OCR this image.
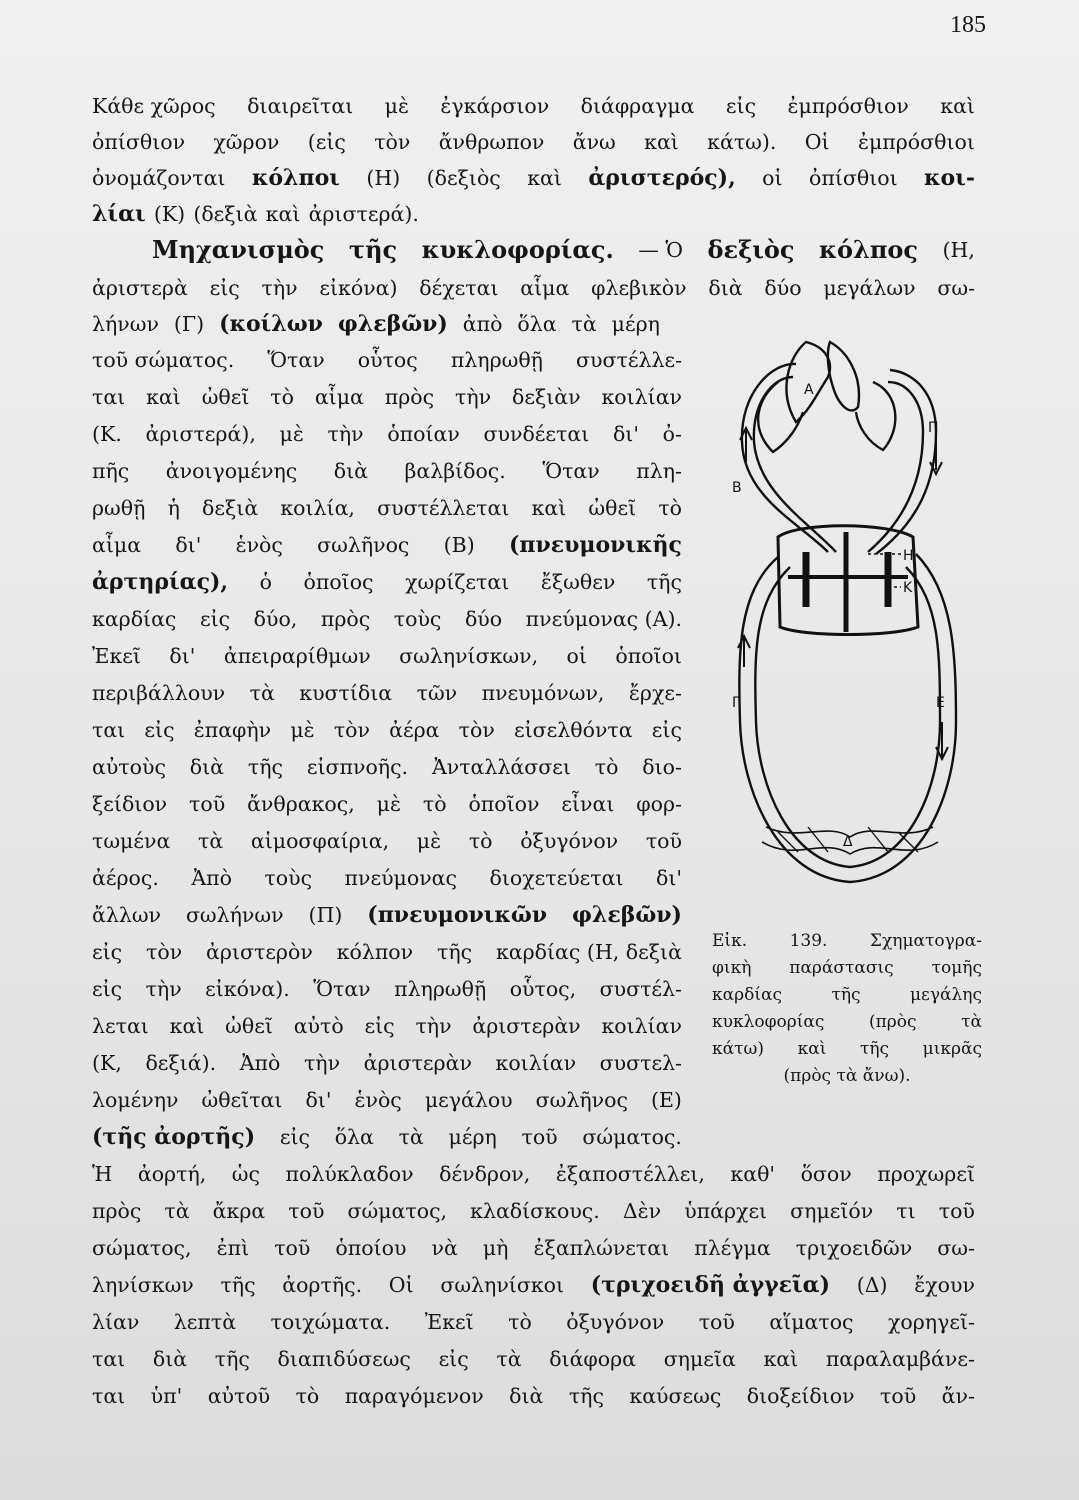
185
Κάθε χῶρος διαιρεῖται μὲ ἐγκάρσιον διάφραγμα εἰς ἐμπρόσθιον καὶ
ὀπίσθιον χῶρον (εἰς τὸν ἄνθρωπον ἄνω καὶ κάτω). Οἱ ἐμπρόσθιοι
ὀνομάζονται κόλποι (Η) (δεξιὸς καὶ ἀριστερός), οἱ ὀπίσθιοι κοι-
λίαι (Κ) (δεξιὰ καὶ ἀριστερά).
Μηχανισμὸς τῆς κυκλοφορίας. — Ὁ δεξιὸς κόλπος (Η,
ἀριστερὰ εἰς τὴν εἰκόνα) δέχεται αἷμα φλεβικὸν διὰ δύο μεγάλων σω-
λήνων (Γ) (κοίλων φλεβῶν) ἀπὸ ὅλα τὰ μέρη
τοῦ σώματος. Ὅταν οὗτος πληρωθῇ συστέλλε-
ται καὶ ὠθεῖ τὸ αἷμα πρὸς τὴν δεξιὰν κοιλίαν
(Κ. ἀριστερά), μὲ τὴν ὁποίαν συνδέεται δι' ὀ-
πῆς ἀνοιγομένης διὰ βαλβίδος. Ὅταν πλη-
ρωθῇ ἡ δεξιὰ κοιλία, συστέλλεται καὶ ὠθεῖ τὸ
αἷμα δι' ἑνὸς σωλῆνος (Β) (πνευμονικῆς
ἀρτηρίας), ὁ ὁποῖος χωρίζεται ἔξωθεν τῆς
καρδίας εἰς δύο, πρὸς τοὺς δύο πνεύμονας (Α).
Ἐκεῖ δι' ἀπειραρίθμων σωληνίσκων, οἱ ὁποῖοι
περιβάλλουν τὰ κυστίδια τῶν πνευμόνων, ἔρχε-
ται εἰς ἐπαφὴν μὲ τὸν ἀέρα τὸν εἰσελθόντα εἰς
αὐτοὺς διὰ τῆς εἰσπνοῆς. Ἀνταλλάσσει τὸ διο-
ξείδιον τοῦ ἄνθρακος, μὲ τὸ ὁποῖον εἶναι φορ-
τωμένα τὰ αἱμοσφαίρια, μὲ τὸ ὀξυγόνον τοῦ
ἀέρος. Ἀπὸ τοὺς πνεύμονας διοχετεύεται δι'
ἄλλων σωλήνων (Π) (πνευμονικῶν φλεβῶν)
εἰς τὸν ἀριστερὸν κόλπον τῆς καρδίας (Η, δεξιὰ
εἰς τὴν εἰκόνα). Ὅταν πληρωθῇ οὗτος, συστέλ-
λεται καὶ ὠθεῖ αὐτὸ εἰς τὴν ἀριστερὰν κοιλίαν
(Κ, δεξιά). Ἀπὸ τὴν ἀριστερὰν κοιλίαν συστελ-
λομένην ὠθεῖται δι' ἑνὸς μεγάλου σωλῆνος (Ε)
(τῆς ἀορτῆς) εἰς ὅλα τὰ μέρη τοῦ σώματος.
Ἡ ἀορτή, ὡς πολύκλαδον δένδρον, ἐξαποστέλλει, καθ' ὅσον προχωρεῖ
πρὸς τὰ ἄκρα τοῦ σώματος, κλαδίσκους. Δὲν ὑπάρχει σημεῖόν τι τοῦ
σώματος, ἐπὶ τοῦ ὁποίου νὰ μὴ ἐξαπλώνεται πλέγμα τριχοειδῶν σω-
ληνίσκων τῆς ἀορτῆς. Οἱ σωληνίσκοι (τριχοειδῆ ἀγγεῖα) (Δ) ἔχουν
λίαν λεπτὰ τοιχώματα. Ἐκεῖ τὸ ὀξυγόνον τοῦ αἵματος χορηγεῖ-
ται διὰ τῆς διαπιδύσεως εἰς τὰ διάφορα σημεῖα καὶ παραλαμβάνε-
ται ὑπ' αὐτοῦ τὸ παραγόμενον διὰ τῆς καύσεως διοξείδιον τοῦ ἄν-
Α
Β
Π
Η
Κ
Γ	Ε
Δ
Εἰκ. 139. Σχηματογρα-
φικὴ παράστασις τομῆς
καρδίας τῆς μεγάλης
κυκλοφορίας (πρὸς τὰ
κάτω) καὶ τῆς μικρᾶς
(πρὸς τὰ ἄνω).
